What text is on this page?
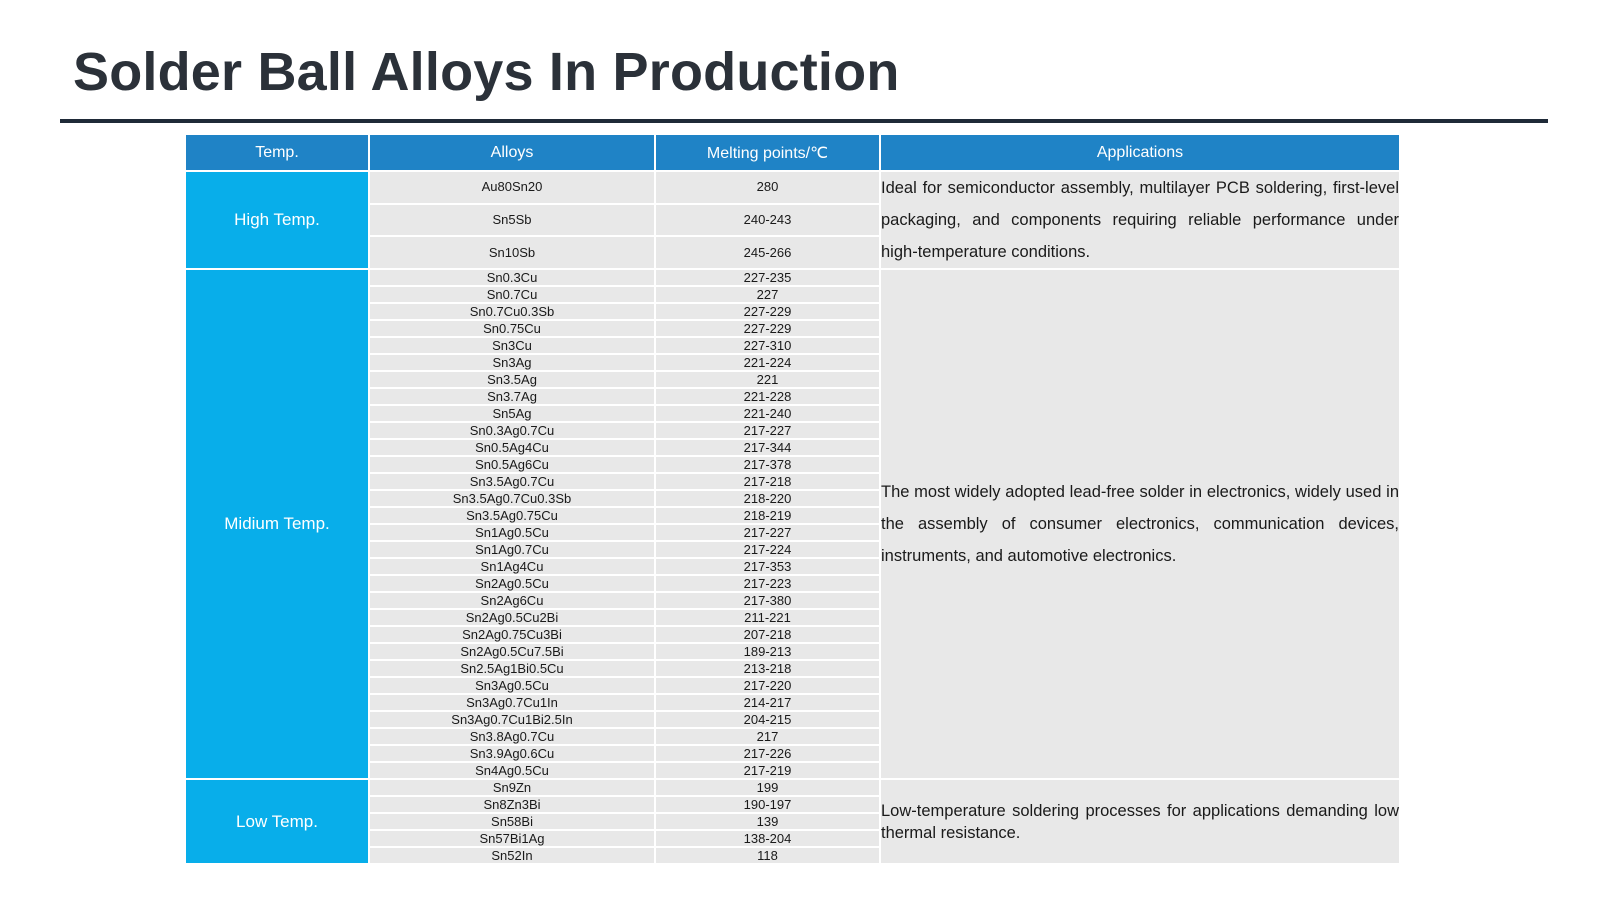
Solder Ball Alloys In Production
Temp.	Alloys	Melting points/℃	Applications
High Temp.	Au80Sn20	280	Ideal for semiconductor assembly, multilayer PCB soldering, first-level packaging, and components requiring reliable performance under high-temperature conditions.
	Sn5Sb	240-243	
	Sn10Sb	245-266	
Midium Temp.	Sn0.3Cu	227-235	The most widely adopted lead-free solder in electronics, widely used in the assembly of consumer electronics, communication devices, instruments, and automotive electronics.
	Sn0.7Cu	227	
	Sn0.7Cu0.3Sb	227-229	
	Sn0.75Cu	227-229	
	Sn3Cu	227-310	
	Sn3Ag	221-224	
	Sn3.5Ag	221	
	Sn3.7Ag	221-228	
	Sn5Ag	221-240	
	Sn0.3Ag0.7Cu	217-227	
	Sn0.5Ag4Cu	217-344	
	Sn0.5Ag6Cu	217-378	
	Sn3.5Ag0.7Cu	217-218	
	Sn3.5Ag0.7Cu0.3Sb	218-220	
	Sn3.5Ag0.75Cu	218-219	
	Sn1Ag0.5Cu	217-227	
	Sn1Ag0.7Cu	217-224	
	Sn1Ag4Cu	217-353	
	Sn2Ag0.5Cu	217-223	
	Sn2Ag6Cu	217-380	
	Sn2Ag0.5Cu2Bi	211-221	
	Sn2Ag0.75Cu3Bi	207-218	
	Sn2Ag0.5Cu7.5Bi	189-213	
	Sn2.5Ag1Bi0.5Cu	213-218	
	Sn3Ag0.5Cu	217-220	
	Sn3Ag0.7Cu1In	214-217	
	Sn3Ag0.7Cu1Bi2.5In	204-215	
	Sn3.8Ag0.7Cu	217	
	Sn3.9Ag0.6Cu	217-226	
	Sn4Ag0.5Cu	217-219	
Low Temp.	Sn9Zn	199	Low-temperature soldering processes for applications demanding low thermal resistance.
	Sn8Zn3Bi	190-197	
	Sn58Bi	139	
	Sn57Bi1Ag	138-204	
	Sn52In	118	
